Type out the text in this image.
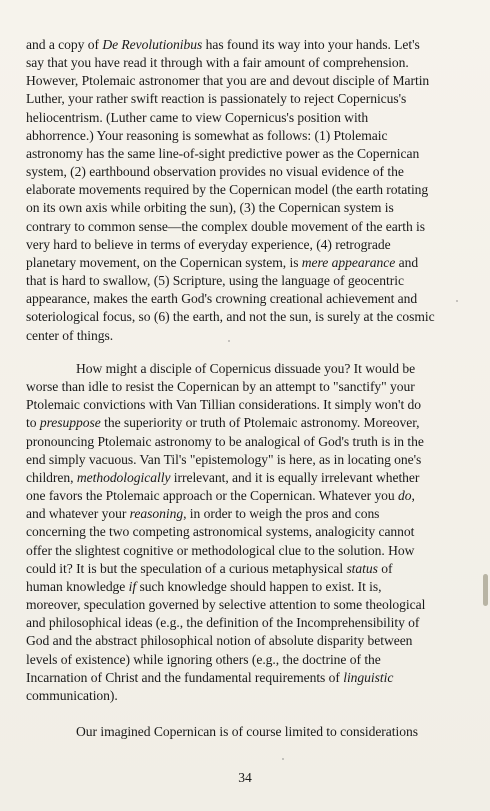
and a copy of De Revolutionibus has found its way into your hands. Let's
say that you have read it through with a fair amount of comprehension.
However, Ptolemaic astronomer that you are and devout disciple of Martin
Luther, your rather swift reaction is passionately to reject Copernicus's
heliocentrism. (Luther came to view Copernicus's position with
abhorrence.) Your reasoning is somewhat as follows: (1) Ptolemaic
astronomy has the same line-of-sight predictive power as the Copernican
system, (2) earthbound observation provides no visual evidence of the
elaborate movements required by the Copernican model (the earth rotating
on its own axis while orbiting the sun), (3) the Copernican system is
contrary to common sense—the complex double movement of the earth is
very hard to believe in terms of everyday experience, (4) retrograde
planetary movement, on the Copernican system, is mere appearance and
that is hard to swallow, (5) Scripture, using the language of geocentric
appearance, makes the earth God's crowning creational achievement and
soteriological focus, so (6) the earth, and not the sun, is surely at the cosmic
center of things.
How might a disciple of Copernicus dissuade you? It would be
worse than idle to resist the Copernican by an attempt to "sanctify" your
Ptolemaic convictions with Van Tillian considerations. It simply won't do
to presuppose the superiority or truth of Ptolemaic astronomy. Moreover,
pronouncing Ptolemaic astronomy to be analogical of God's truth is in the
end simply vacuous. Van Til's "epistemology" is here, as in locating one's
children, methodologically irrelevant, and it is equally irrelevant whether
one favors the Ptolemaic approach or the Copernican. Whatever you do,
and whatever your reasoning, in order to weigh the pros and cons
concerning the two competing astronomical systems, analogicity cannot
offer the slightest cognitive or methodological clue to the solution. How
could it? It is but the speculation of a curious metaphysical status of
human knowledge if such knowledge should happen to exist. It is,
moreover, speculation governed by selective attention to some theological
and philosophical ideas (e.g., the definition of the Incomprehensibility of
God and the abstract philosophical notion of absolute disparity between
levels of existence) while ignoring others (e.g., the doctrine of the
Incarnation of Christ and the fundamental requirements of linguistic
communication).
Our imagined Copernican is of course limited to considerations
34
